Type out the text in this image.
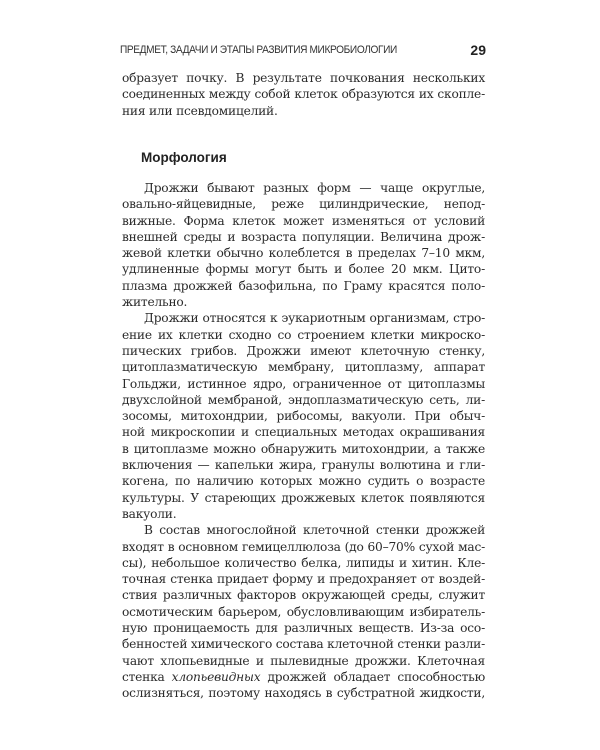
ПРЕДМЕТ, ЗАДАЧИ И ЭТАПЫ РАЗВИТИЯ МИКРОБИОЛОГИИ	29
образует почку. В результате почкования нескольких
соединенных между собой клеток образуются их скопле-
ния или псевдомицелий.
Морфология
Дрожжи бывают разных форм — чаще округлые,
овально-яйцевидные, реже цилиндрические, непод-
вижные. Форма клеток может изменяться от условий
внешней среды и возраста популяции. Величина дрож-
жевой клетки обычно колеблется в пределах 7–10 мкм,
удлиненные формы могут быть и более 20 мкм. Цито-
плазма дрожжей базофильна, по Граму красятся поло-
жительно.
Дрожжи относятся к эукариотным организмам, стро-
ение их клетки сходно со строением клетки микроско-
пических грибов. Дрожжи имеют клеточную стенку,
цитоплазматическую мембрану, цитоплазму, аппарат
Гольджи, истинное ядро, ограниченное от цитоплазмы
двухслойной мембраной, эндоплазматическую сеть, ли-
зосомы, митохондрии, рибосомы, вакуоли. При обыч-
ной микроскопии и специальных методах окрашивания
в цитоплазме можно обнаружить митохондрии, а также
включения — капельки жира, гранулы волютина и гли-
когена, по наличию которых можно судить о возрасте
культуры. У стареющих дрожжевых клеток появляются
вакуоли.
В состав многослойной клеточной стенки дрожжей
входят в основном гемицеллюлоза (до 60–70% сухой мас-
сы), небольшое количество белка, липиды и хитин. Кле-
точная стенка придает форму и предохраняет от воздей-
ствия различных факторов окружающей среды, служит
осмотическим барьером, обусловливающим избиратель-
ную проницаемость для различных веществ. Из-за осо-
бенностей химического состава клеточной стенки разли-
чают хлопьевидные и пылевидные дрожжи. Клеточная
стенка хлопьевидных дрожжей обладает способностью
ослизняться, поэтому находясь в субстратной жидкости,
